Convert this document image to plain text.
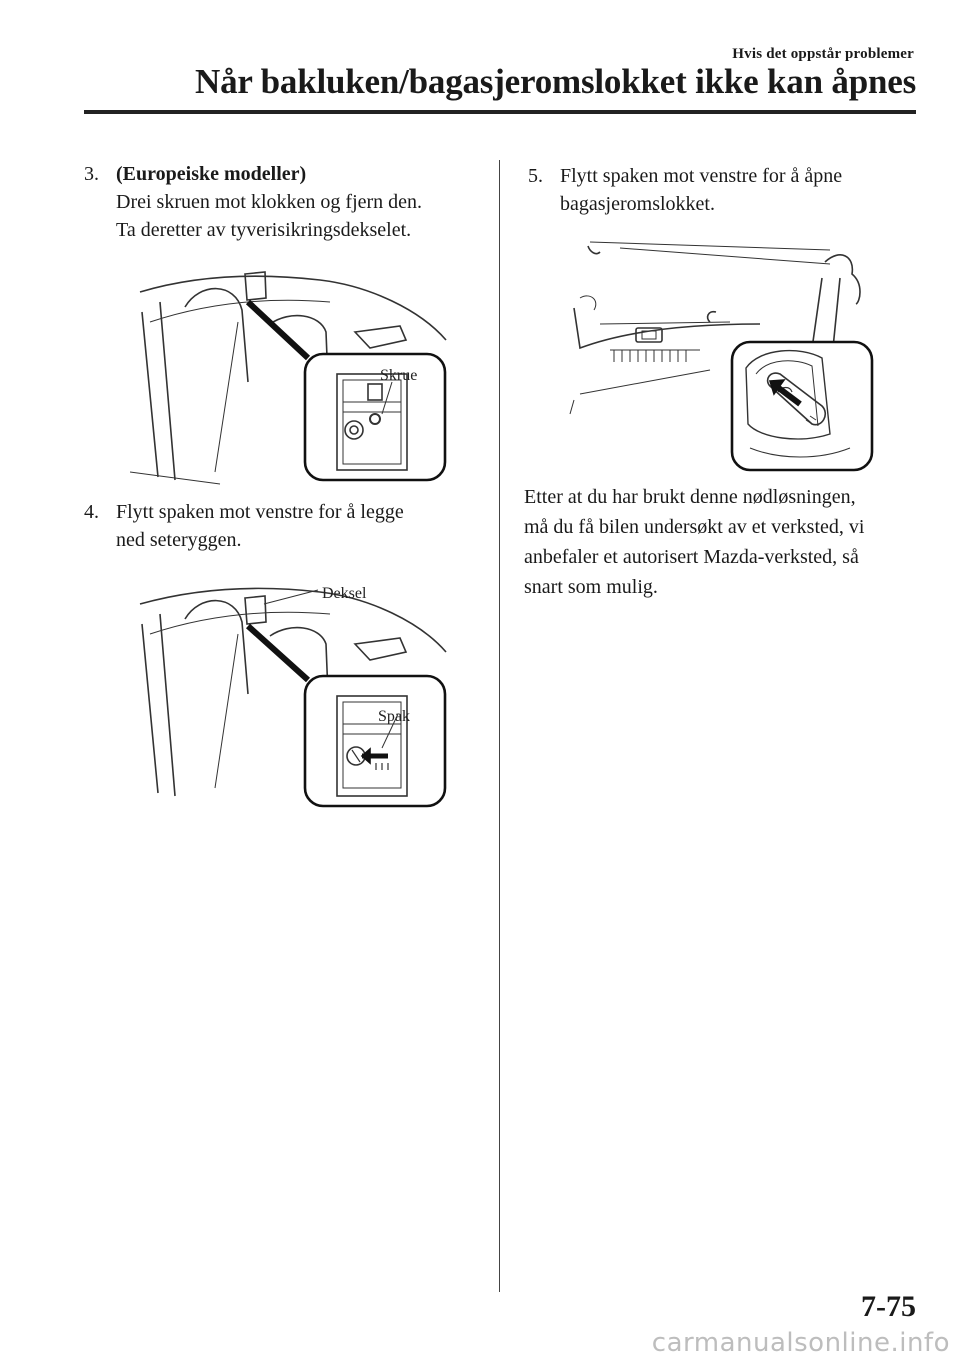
Hvis det oppstår problemer
Når bakluken/bagasjeromslokket ikke kan åpnes
3. (Europeiske modeller)
Drei skruen mot klokken og fjern den.
Ta deretter av tyverisikringsdekselet.
Skrue
4. Flytt spaken mot venstre for å legge
ned seteryggen.
Deksel
Spak
5. Flytt spaken mot venstre for å åpne
bagasjeromslokket.
Etter at du har brukt denne nødløsningen,
må du få bilen undersøkt av et verksted, vi
anbefaler et autorisert Mazda-verksted, så
snart som mulig.
7-75
carmanualsonline.info
